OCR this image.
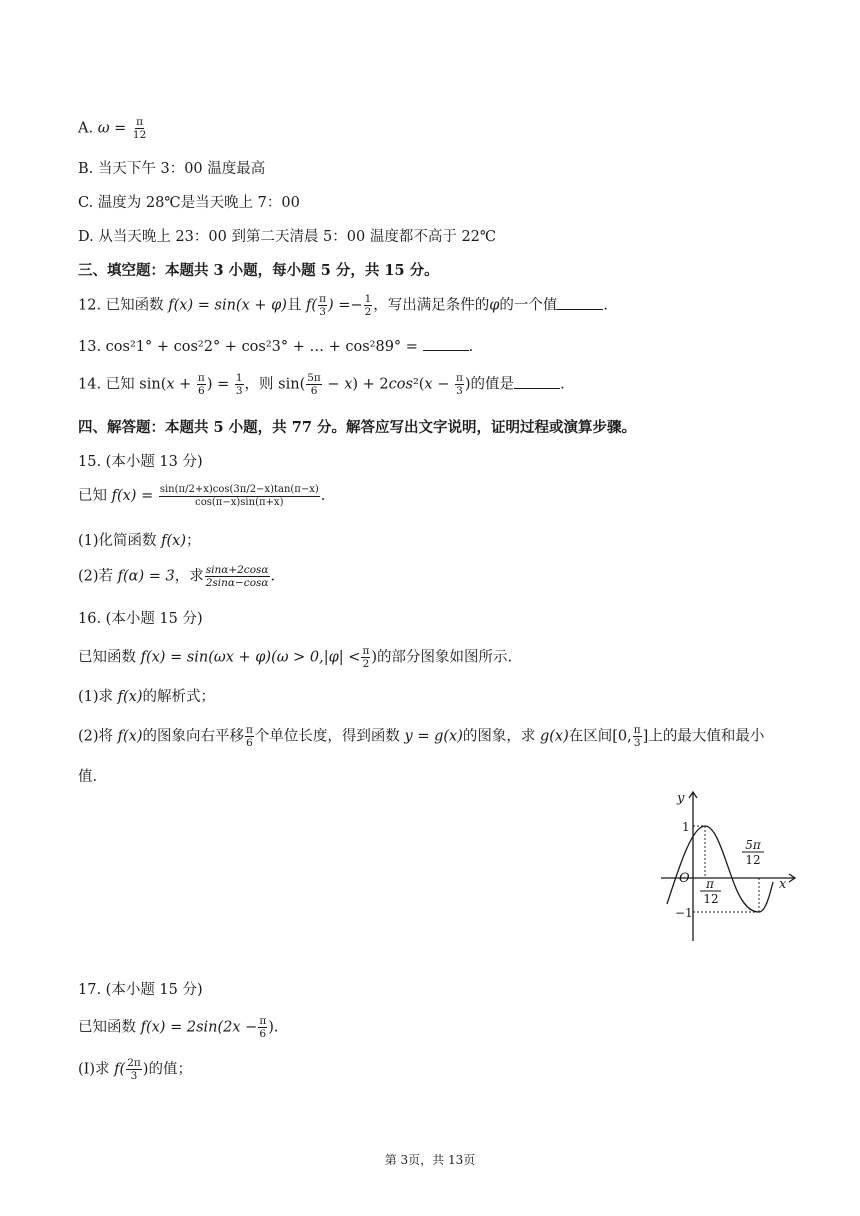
A. $\omega = \frac{\pi}{12}$
B. 当天下午 3：00 温度最高
C. 温度为 28℃是当天晚上 7：00
D. 从当天晚上 23：00 到第二天清晨 5：00 温度都不高于 22℃
三、填空题：本题共 3 小题，每小题 5 分，共 15 分。
12. 已知函数 f(x) = sin(x + φ)且 $f( \frac{\pi}{3}$ ) =− $\frac{1}{2}$ ，写出满足条件的φ的一个值	.
13. cos²1° + cos²2° + cos²3° + … + cos²89° =	.
14. 已知 $\sin(x + \frac{\pi}{6}$ ) = $\frac{1}{3}$ ，则 $\sin( \frac{5\pi}{6} - x) + 2\cos^2(x - \frac{\pi}{3}$ )的值是	.
四、解答题：本题共 5 小题，共 77 分。解答应写出文字说明，证明过程或演算步骤。
15. (本小题 13 分)
已知 $f(x) = \frac{\sin(\pi/2+x)\cos(3\pi/2-x)\tan(\pi-x)}{\cos(\pi-x)\sin(\pi+x)}$ .
(1)化简函数 f(x)；
(2)若 f(α) = 3，求 $\frac{\sin\alpha+2\cos\alpha}{2\sin\alpha-\cos\alpha}$ .
16. (本小题 15 分)
已知函数 $f(x) = \sin(\omega x + \varphi)(\omega > 0,|\varphi| < \frac{\pi}{2}$ )的部分图象如图所示.
(1)求 f(x)的解析式；
(2)将 f(x)的图象向右平移 $\frac{\pi}{6}$ 个单位长度，得到函数 y = g(x)的图象，求 g(x)在区间[0, $\frac{\pi}{3}$ ]上的最大值和最小
值.
y
x
O
1
−1
π
12
5π
12
17. (本小题 15 分)
已知函数 $f(x) = 2\sin(2x - \frac{\pi}{6}$ ).
(Ⅰ)求 $f( \frac{2\pi}{3}$ )的值；
第 3页，共 13页
